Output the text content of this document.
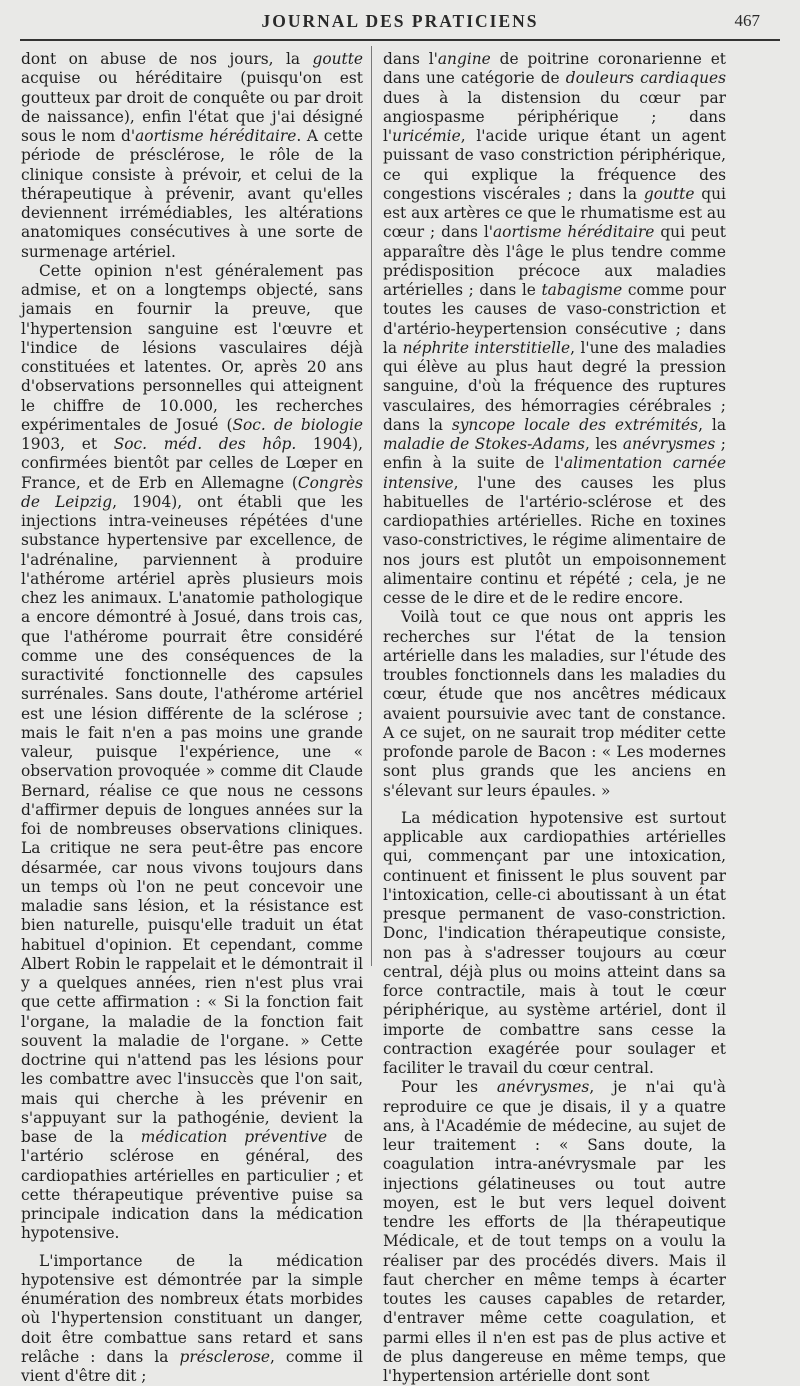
JOURNAL DES PRATICIENS	467

dont on abuse de nos jours, la goutte acquise ou héréditaire (puisqu'on est goutteux par droit de conquête ou par droit de naissance), enfin l'état que j'ai désigné sous le nom d'aortisme héréditaire. A cette période de présclérose, le rôle de la clinique consiste à prévoir, et celui de la thérapeutique à prévenir, avant qu'elles deviennent irrémédiables, les altérations anatomiques consécutives à une sorte de surmenage artériel.

Cette opinion n'est généralement pas admise, et on a longtemps objecté, sans jamais en fournir la preuve, que l'hypertension sanguine est l'œuvre et l'indice de lésions vasculaires déjà constituées et latentes. Or, après 20 ans d'observations personnelles qui atteignent le chiffre de 10.000, les recherches expérimentales de Josué (Soc. de biologie 1903, et Soc. méd. des hôp. 1904), confirmées bientôt par celles de Lœper en France, et de Erb en Allemagne (Congrès de Leipzig, 1904), ont établi que les injections intra-veineuses répétées d'une substance hypertensive par excellence, de l'adrénaline, parviennent à produire l'athérome artériel après plusieurs mois chez les animaux. L'anatomie pathologique a encore démontré à Josué, dans trois cas, que l'athérome pourrait être considéré comme une des conséquences de la suractivité fonctionnelle des capsules surrénales. Sans doute, l'athérome artériel est une lésion différente de la sclérose ; mais le fait n'en a pas moins une grande valeur, puisque l'expérience, une « observation provoquée » comme dit Claude Bernard, réalise ce que nous ne cessons d'affirmer depuis de longues années sur la foi de nombreuses observations cliniques. La critique ne sera peut-être pas encore désarmée, car nous vivons toujours dans un temps où l'on ne peut concevoir une maladie sans lésion, et la résistance est bien naturelle, puisqu'elle traduit un état habituel d'opinion. Et cependant, comme Albert Robin le rappelait et le démontrait il y a quelques années, rien n'est plus vrai que cette affirmation : « Si la fonction fait l'organe, la maladie de la fonction fait souvent la maladie de l'organe. » Cette doctrine qui n'attend pas les lésions pour les combattre avec l'insuccès que l'on sait, mais qui cherche à les prévenir en s'appuyant sur la pathogénie, devient la base de la médication préventive de l'artério sclérose en général, des cardiopathies artérielles en particulier ; et cette thérapeutique préventive puise sa principale indication dans la médication hypotensive.

L'importance de la médication hypotensive est démontrée par la simple énumération des nombreux états morbides où l'hypertension constituant un danger, doit être combattue sans retard et sans relâche : dans la présclerose, comme il vient d'être dit ;

dans l'angine de poitrine coronarienne et dans une catégorie de douleurs cardiaques dues à la distension du cœur par angiospasme périphérique ; dans l'uricémie, l'acide urique étant un agent puissant de vaso constriction périphérique, ce qui explique la fréquence des congestions viscérales ; dans la goutte qui est aux artères ce que le rhumatisme est au cœur ; dans l'aortisme héréditaire qui peut apparaître dès l'âge le plus tendre comme prédisposition précoce aux maladies artérielles ; dans le tabagisme comme pour toutes les causes de vaso-constriction et d'artério-heypertension consécutive ; dans la néphrite interstitielle, l'une des maladies qui élève au plus haut degré la pression sanguine, d'où la fréquence des ruptures vasculaires, des hémorragies cérébrales ; dans la syncope locale des extrémités, la maladie de Stokes-Adams, les anévrysmes ; enfin à la suite de l'alimentation carnée intensive, l'une des causes les plus habituelles de l'artério-sclérose et des cardiopathies artérielles. Riche en toxines vaso-constrictives, le régime alimentaire de nos jours est plutôt un empoisonnement alimentaire continu et répété ; cela, je ne cesse de le dire et de le redire encore.

Voilà tout ce que nous ont appris les recherches sur l'état de la tension artérielle dans les maladies, sur l'étude des troubles fonctionnels dans les maladies du cœur, étude que nos ancêtres médicaux avaient poursuivie avec tant de constance. A ce sujet, on ne saurait trop méditer cette profonde parole de Bacon : « Les modernes sont plus grands que les anciens en s'élevant sur leurs épaules. »

La médication hypotensive est surtout applicable aux cardiopathies artérielles qui, commençant par une intoxication, continuent et finissent le plus souvent par l'intoxication, celle-ci aboutissant à un état presque permanent de vaso-constriction. Donc, l'indication thérapeutique consiste, non pas à s'adresser toujours au cœur central, déjà plus ou moins atteint dans sa force contractile, mais à tout le cœur périphérique, au système artériel, dont il importe de combattre sans cesse la contraction exagérée pour soulager et faciliter le travail du cœur central.

Pour les anévrysmes, je n'ai qu'à reproduire ce que je disais, il y a quatre ans, à l'Académie de médecine, au sujet de leur traitement : « Sans doute, la coagulation intra-anévrysmale par les injections gélatineuses ou tout autre moyen, est le but vers lequel doivent tendre les efforts de |la thérapeutique Médicale, et de tout temps on a voulu la réaliser par des procédés divers. Mais il faut chercher en même temps à écarter toutes les causes capables de retarder, d'entraver même cette coagulation, et parmi elles il n'en est pas de plus active et de plus dangereuse en même temps, que l'hypertension artérielle dont sont
